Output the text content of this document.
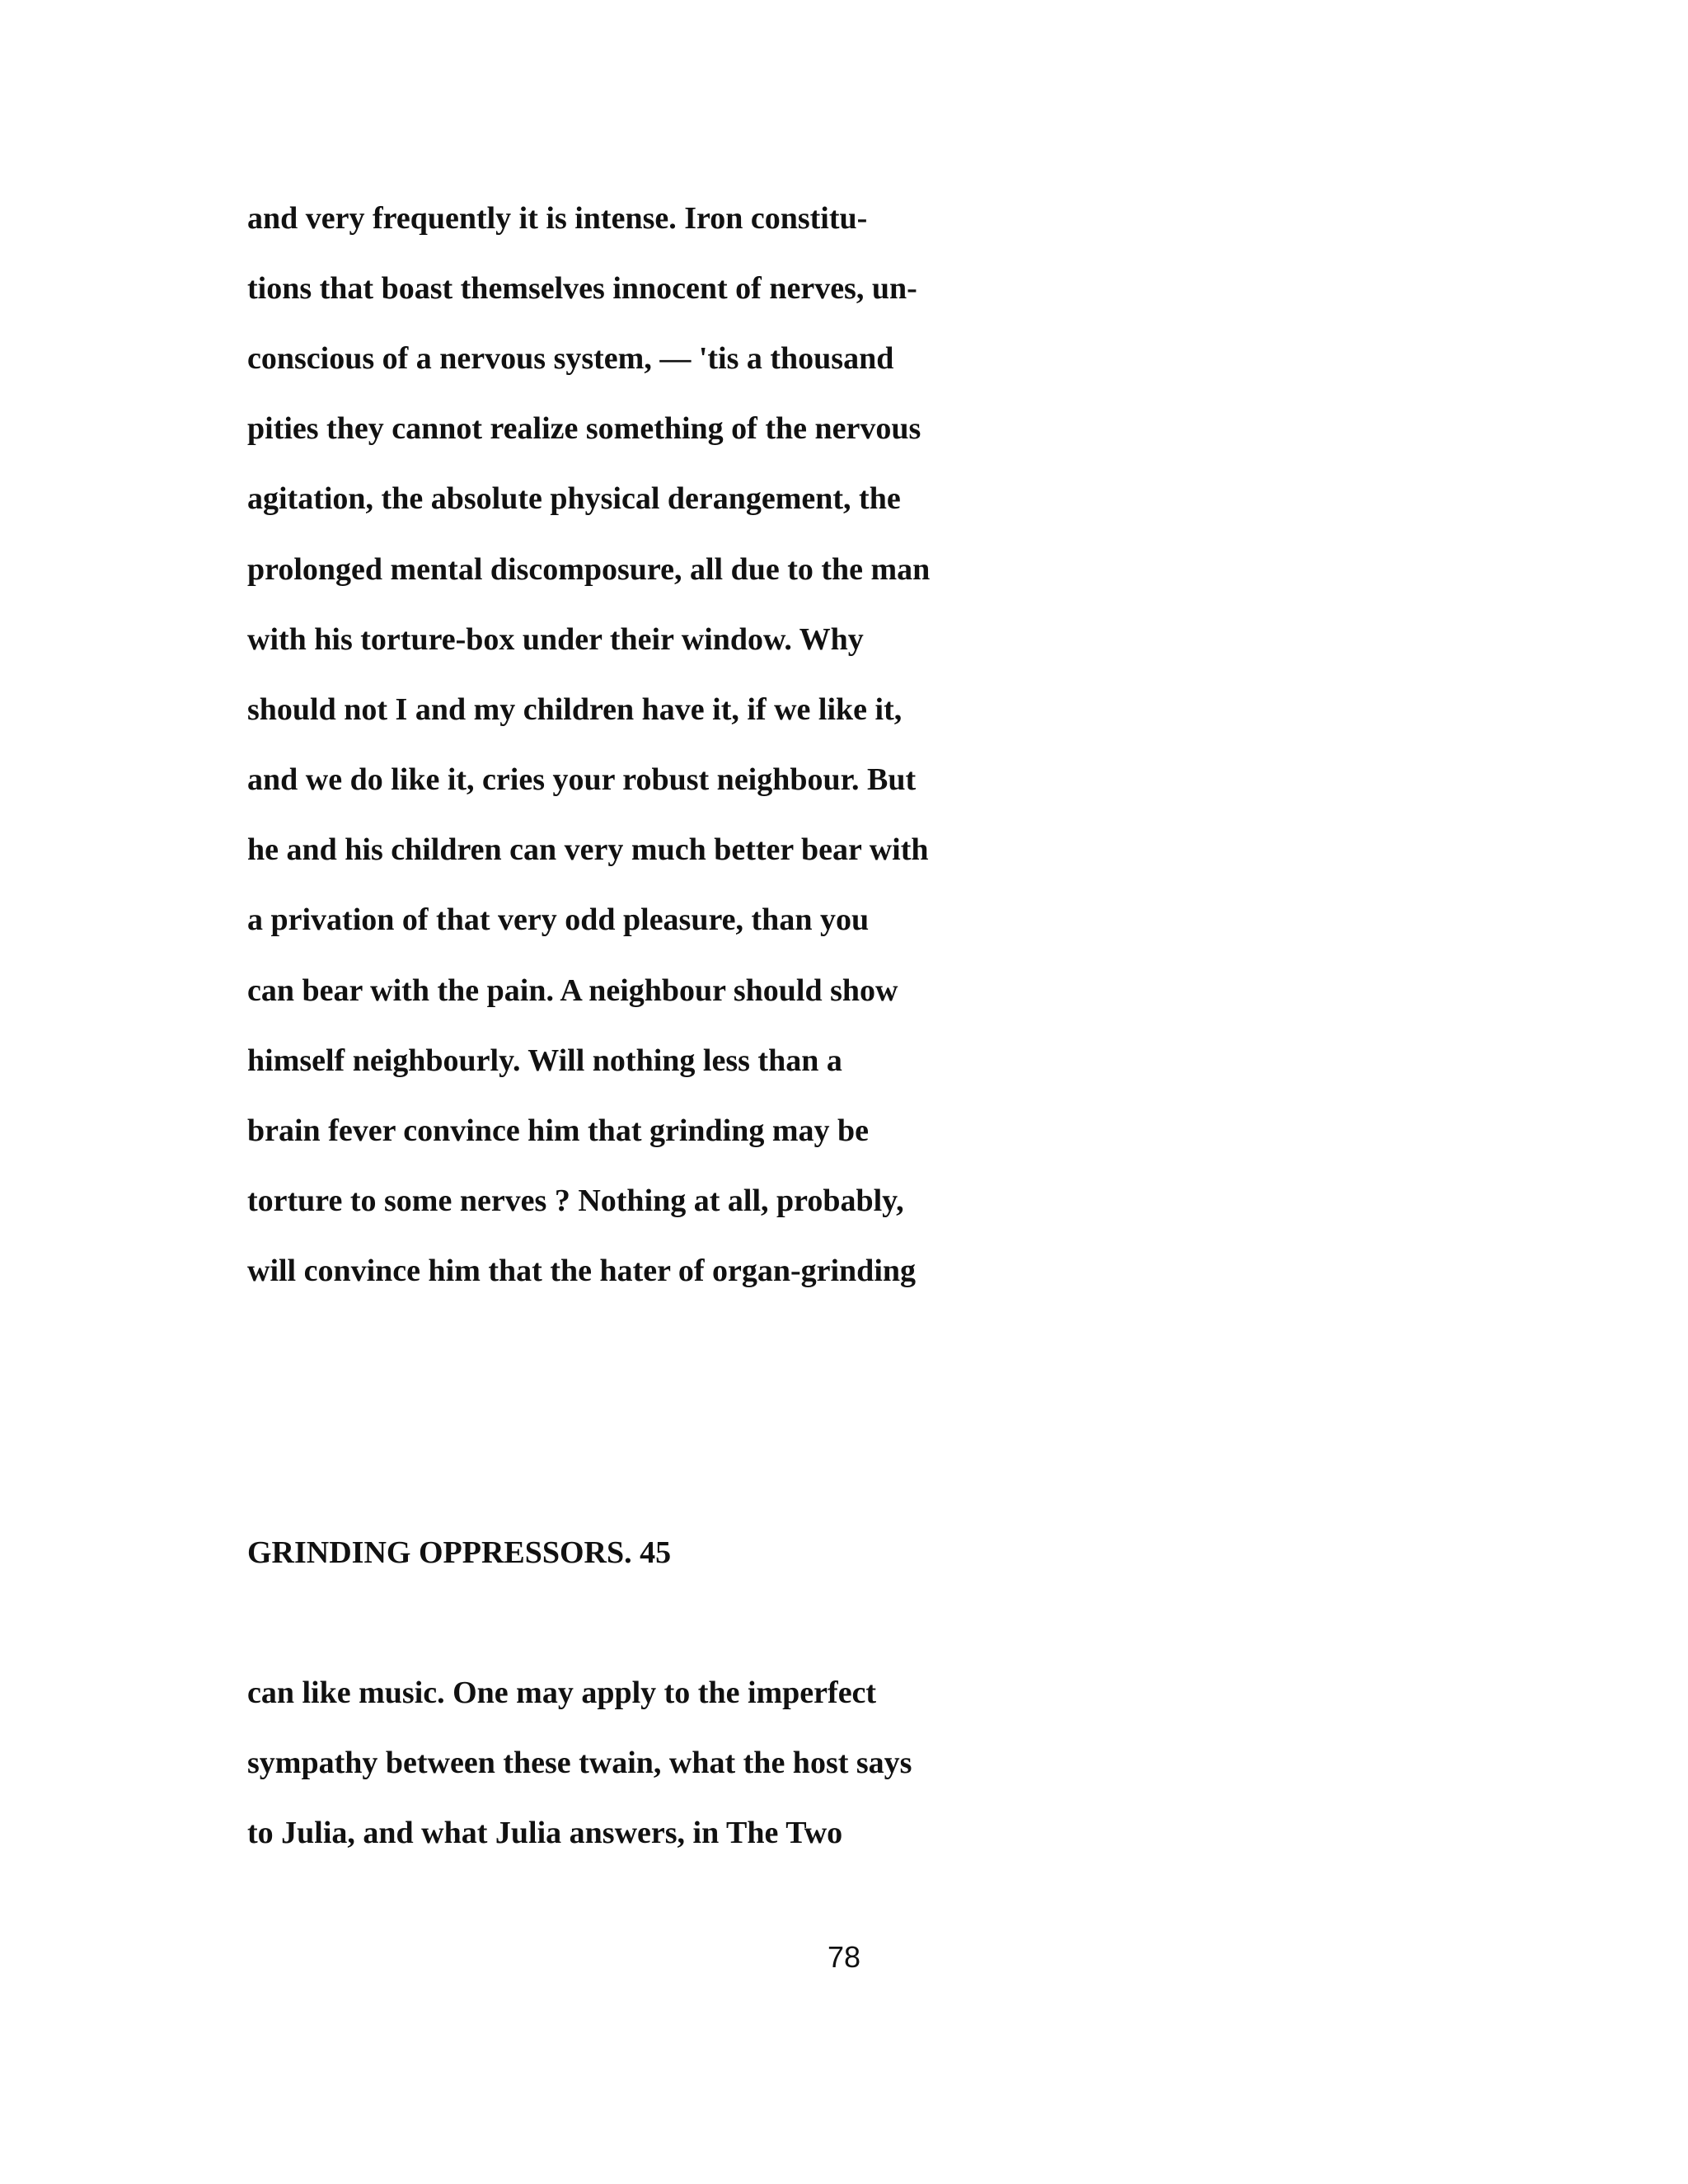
and very frequently it is intense. Iron constitu-
tions that boast themselves innocent of nerves, un-
conscious of a nervous system, — 'tis a thousand
pities they cannot realize something of the nervous
agitation, the absolute physical derangement, the
prolonged mental discomposure, all due to the man
with his torture-box under their window. Why
should not I and my children have it, if we like it,
and we do like it, cries your robust neighbour. But
he and his children can very much better bear with
a privation of that very odd pleasure, than you
can bear with the pain. A neighbour should show
himself neighbourly. Will nothing less than a
brain fever convince him that grinding may be
torture to some nerves ? Nothing at all, probably,
will convince him that the hater of organ-grinding
GRINDING OPPRESSORS. 45
can like music. One may apply to the imperfect
sympathy between these twain, what the host says
to Julia, and what Julia answers, in The Two
78
